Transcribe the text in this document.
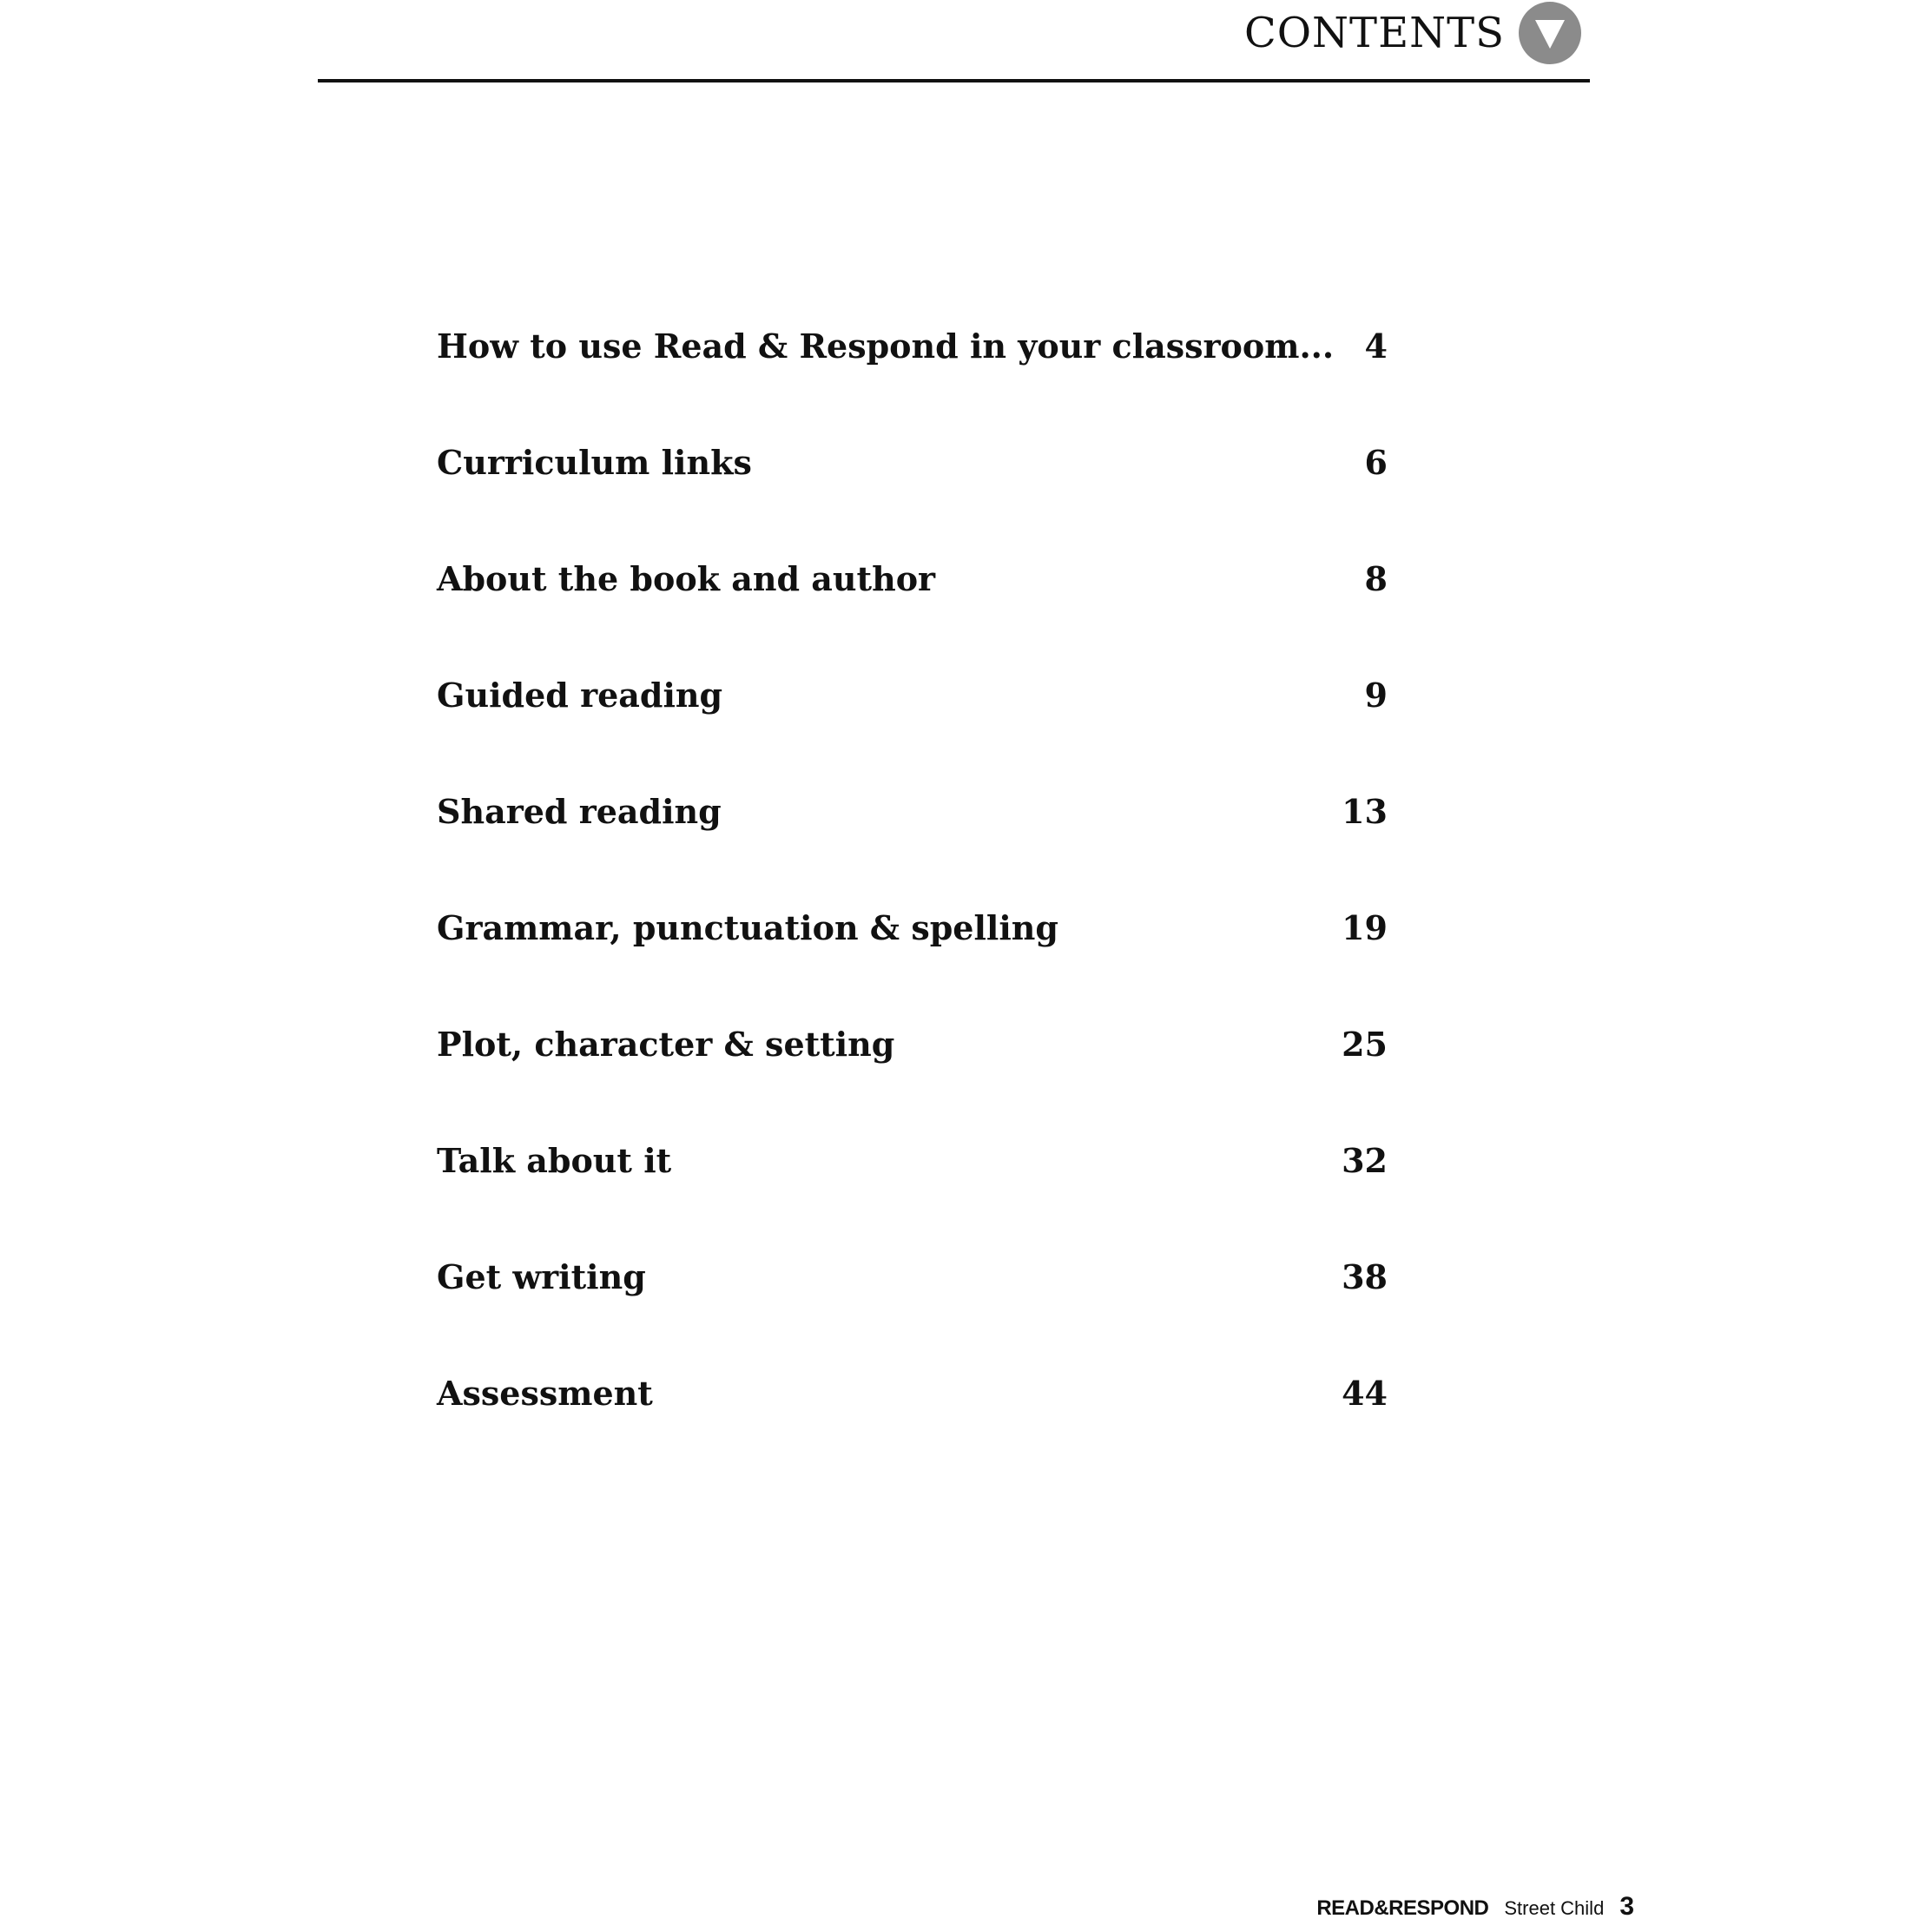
CONTENTS
How to use Read & Respond in your classroom... 4
Curriculum links	6
About the book and author	8
Guided reading	9
Shared reading	13
Grammar, punctuation & spelling	19
Plot, character & setting	25
Talk about it	32
Get writing	38
Assessment	44
READ&RESPOND Street Child 3
